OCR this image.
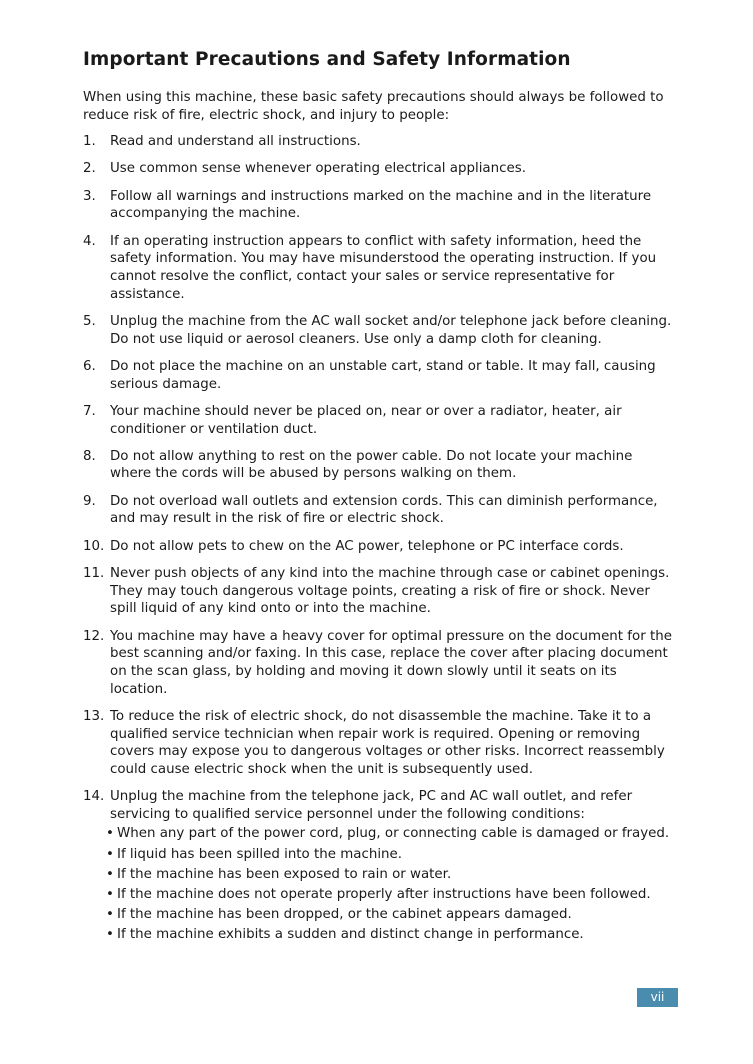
Important Precautions and Safety Information

When using this machine, these basic safety precautions should always be followed to reduce risk of fire, electric shock, and injury to people:

1. Read and understand all instructions.
2. Use common sense whenever operating electrical appliances.
3. Follow all warnings and instructions marked on the machine and in the literature accompanying the machine.
4. If an operating instruction appears to conflict with safety information, heed the safety information. You may have misunderstood the operating instruction. If you cannot resolve the conflict, contact your sales or service representative for assistance.
5. Unplug the machine from the AC wall socket and/or telephone jack before cleaning. Do not use liquid or aerosol cleaners. Use only a damp cloth for cleaning.
6. Do not place the machine on an unstable cart, stand or table. It may fall, causing serious damage.
7. Your machine should never be placed on, near or over a radiator, heater, air conditioner or ventilation duct.
8. Do not allow anything to rest on the power cable. Do not locate your machine where the cords will be abused by persons walking on them.
9. Do not overload wall outlets and extension cords. This can diminish performance, and may result in the risk of fire or electric shock.
10. Do not allow pets to chew on the AC power, telephone or PC interface cords.
11. Never push objects of any kind into the machine through case or cabinet openings. They may touch dangerous voltage points, creating a risk of fire or shock. Never spill liquid of any kind onto or into the machine.
12. You machine may have a heavy cover for optimal pressure on the document for the best scanning and/or faxing. In this case, replace the cover after placing document on the scan glass, by holding and moving it down slowly until it seats on its location.
13. To reduce the risk of electric shock, do not disassemble the machine. Take it to a qualified service technician when repair work is required. Opening or removing covers may expose you to dangerous voltages or other risks. Incorrect reassembly could cause electric shock when the unit is subsequently used.
14. Unplug the machine from the telephone jack, PC and AC wall outlet, and refer servicing to qualified service personnel under the following conditions:
• When any part of the power cord, plug, or connecting cable is damaged or frayed.
• If liquid has been spilled into the machine.
• If the machine has been exposed to rain or water.
• If the machine does not operate properly after instructions have been followed.
• If the machine has been dropped, or the cabinet appears damaged.
• If the machine exhibits a sudden and distinct change in performance.
vii
